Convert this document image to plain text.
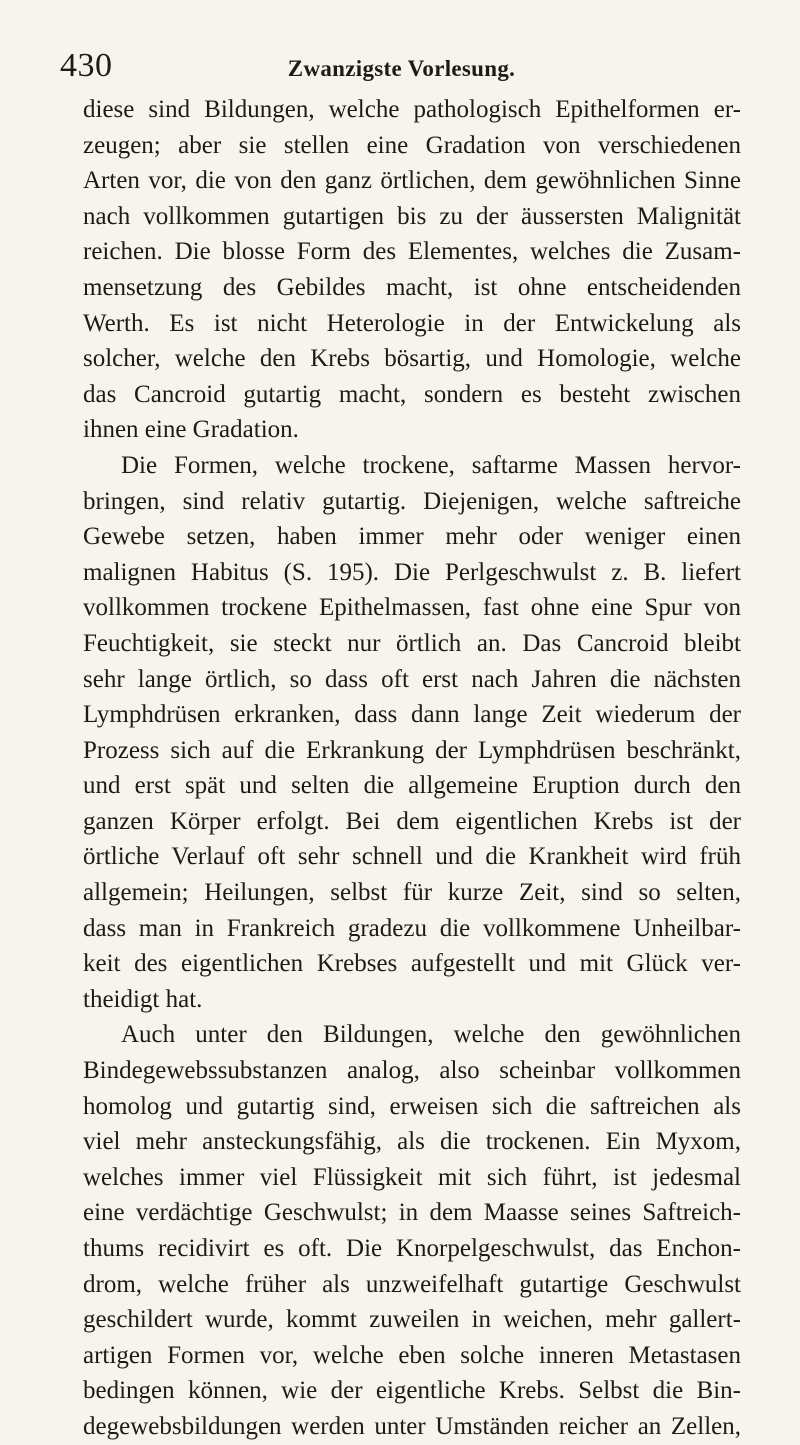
430	Zwanzigste Vorlesung.
diese sind Bildungen, welche pathologisch Epithelformen er-
zeugen; aber sie stellen eine Gradation von verschiedenen
Arten vor, die von den ganz örtlichen, dem gewöhnlichen Sinne
nach vollkommen gutartigen bis zu der äussersten Malignität
reichen. Die blosse Form des Elementes, welches die Zusam-
mensetzung des Gebildes macht, ist ohne entscheidenden
Werth. Es ist nicht Heterologie in der Entwickelung als
solcher, welche den Krebs bösartig, und Homologie, welche
das Cancroid gutartig macht, sondern es besteht zwischen
ihnen eine Gradation.
Die Formen, welche trockene, saftarme Massen hervor-
bringen, sind relativ gutartig. Diejenigen, welche saftreiche
Gewebe setzen, haben immer mehr oder weniger einen
malignen Habitus (S. 195). Die Perlgeschwulst z. B. liefert
vollkommen trockene Epithelmassen, fast ohne eine Spur von
Feuchtigkeit, sie steckt nur örtlich an. Das Cancroid bleibt
sehr lange örtlich, so dass oft erst nach Jahren die nächsten
Lymphdrüsen erkranken, dass dann lange Zeit wiederum der
Prozess sich auf die Erkrankung der Lymphdrüsen beschränkt,
und erst spät und selten die allgemeine Eruption durch den
ganzen Körper erfolgt. Bei dem eigentlichen Krebs ist der
örtliche Verlauf oft sehr schnell und die Krankheit wird früh
allgemein; Heilungen, selbst für kurze Zeit, sind so selten,
dass man in Frankreich gradezu die vollkommene Unheilbar-
keit des eigentlichen Krebses aufgestellt und mit Glück ver-
theidigt hat.
Auch unter den Bildungen, welche den gewöhnlichen
Bindegewebssubstanzen analog, also scheinbar vollkommen
homolog und gutartig sind, erweisen sich die saftreichen als
viel mehr ansteckungsfähig, als die trockenen. Ein Myxom,
welches immer viel Flüssigkeit mit sich führt, ist jedesmal
eine verdächtige Geschwulst; in dem Maasse seines Saftreich-
thums recidivirt es oft. Die Knorpelgeschwulst, das Enchon-
drom, welche früher als unzweifelhaft gutartige Geschwulst
geschildert wurde, kommt zuweilen in weichen, mehr gallert-
artigen Formen vor, welche eben solche inneren Metastasen
bedingen können, wie der eigentliche Krebs. Selbst die Bin-
degewebsbildungen werden unter Umständen reicher an Zellen,
